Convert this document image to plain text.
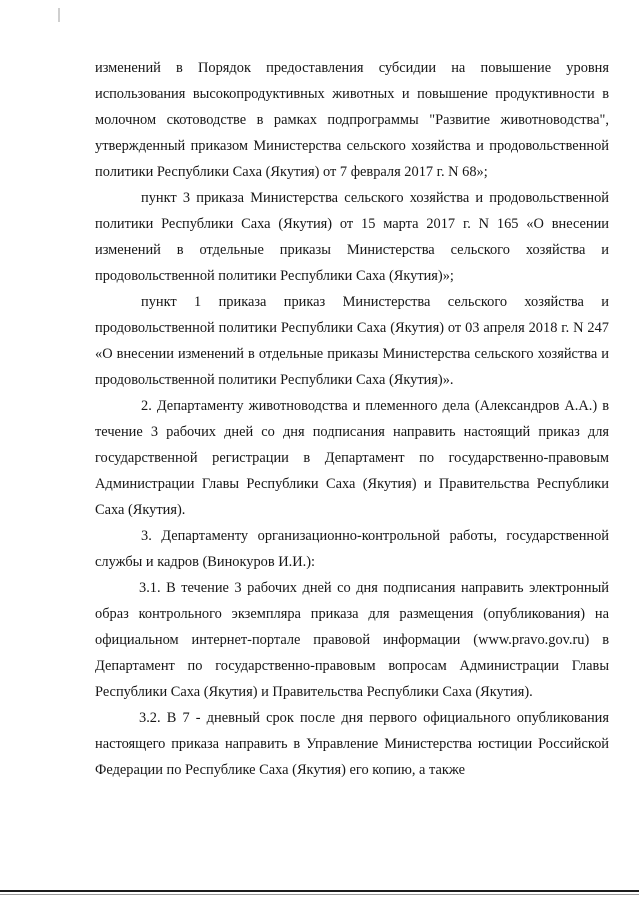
изменений в Порядок предоставления субсидии на повышение уровня использования высокопродуктивных животных и повышение продуктивности в молочном скотоводстве в рамках подпрограммы "Развитие животноводства", утвержденный приказом Министерства сельского хозяйства и продовольственной политики Республики Саха (Якутия) от 7 февраля 2017 г. N 68»;

пункт 3 приказа Министерства сельского хозяйства и продовольственной политики Республики Саха (Якутия) от 15 марта 2017 г. N 165 «О внесении изменений в отдельные приказы Министерства сельского хозяйства и продовольственной политики Республики Саха (Якутия)»;

пункт 1 приказа приказ Министерства сельского хозяйства и продовольственной политики Республики Саха (Якутия) от 03 апреля 2018 г. N 247 «О внесении изменений в отдельные приказы Министерства сельского хозяйства и продовольственной политики Республики Саха (Якутия)».

2. Департаменту животноводства и племенного дела (Александров А.А.) в течение 3 рабочих дней со дня подписания направить настоящий приказ для государственной регистрации в Департамент по государственно-правовым Администрации Главы Республики Саха (Якутия) и Правительства Республики Саха (Якутия).

3. Департаменту организационно-контрольной работы, государственной службы и кадров (Винокуров И.И.):

3.1. В течение 3 рабочих дней со дня подписания направить электронный образ контрольного экземпляра приказа для размещения (опубликования) на официальном интернет-портале правовой информации (www.pravo.gov.ru) в Департамент по государственно-правовым вопросам Администрации Главы Республики Саха (Якутия) и Правительства Республики Саха (Якутия).

3.2. В 7 - дневный срок после дня первого официального опубликования настоящего приказа направить в Управление Министерства юстиции Российской Федерации по Республике Саха (Якутия) его копию, а также
